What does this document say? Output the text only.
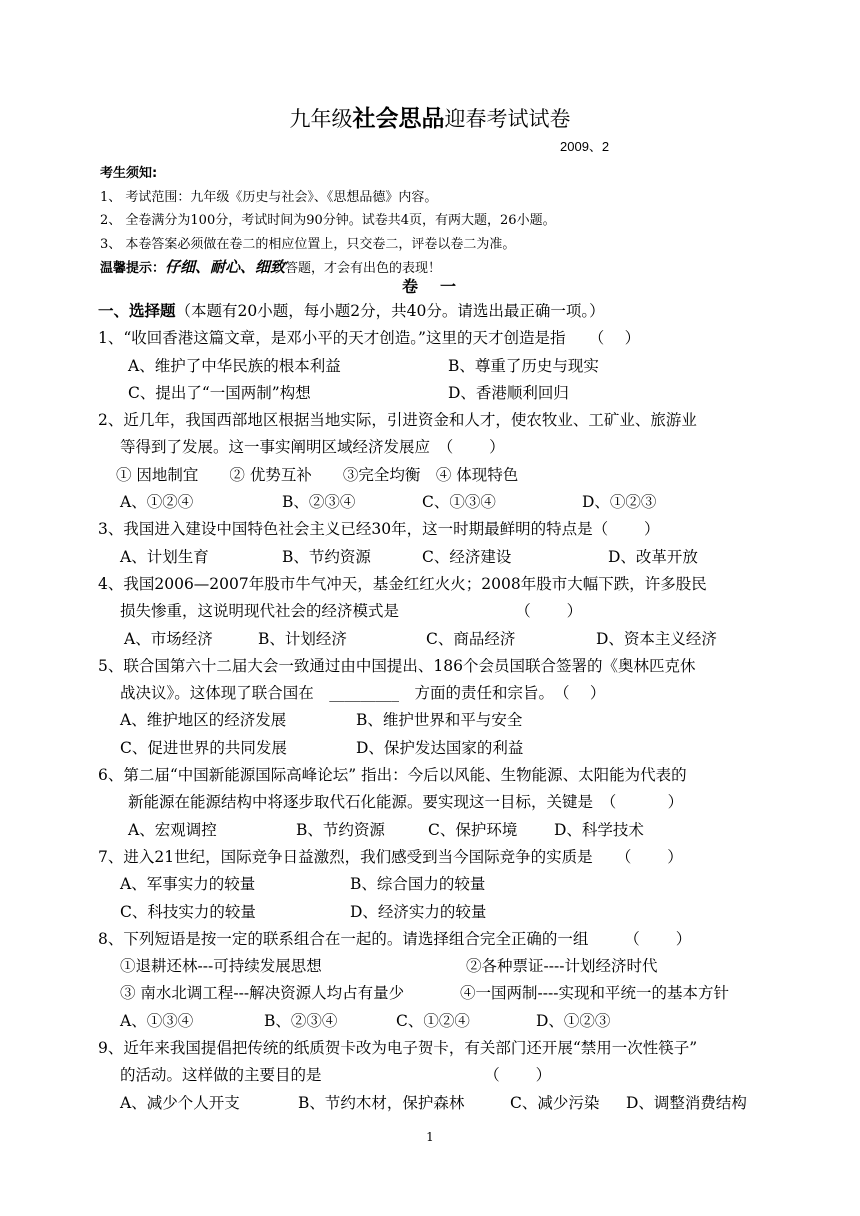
九年级社会思品迎春考试试卷
2009、2
考生须知:
1、 考试范围：九年级《历史与社会》、《思想品德》内容。
2、 全卷满分为100分，考试时间为90分钟。试卷共4页，有两大题，26小题。
3、 本卷答案必须做在卷二的相应位置上，只交卷二，评卷以卷二为准。
温馨提示：仔细、耐心、细致答题，才会有出色的表现！
卷一
一、选择题（本题有20小题，每小题2分，共40分。请选出最正确一项。）
1、“收回香港这篇文章，是邓小平的天才创造。”这里的天才创造是指　　（　 ）
A、维护了中华民族的根本利益	B、尊重了历史与现实
C、提出了“一国两制”构想	D、香港顺利回归
2、近几年，我国西部地区根据当地实际，引进资金和人才，使农牧业、工矿业、旅游业
等得到了发展。这一事实阐明区域经济发展应　（　　 ）
① 因地制宜　　② 优势互补　　③完全均衡　④ 体现特色
A、①②④	B、②③④	C、①③④	D、①②③
3、我国进入建设中国特色社会主义已经30年，这一时期最鲜明的特点是（　　 ）
A、计划生育	B、节约资源	C、经济建设	D、改革开放
4、我国2006—2007年股市牛气冲天，基金红红火火；2008年股市大幅下跌，许多股民
损失惨重，这说明现代社会的经济模式是　　　　　　　　（　　 ）
A、市场经济	B、计划经济	C、商品经济	D、资本主义经济
5、联合国第六十二届大会一致通过由中国提出、186个会员国联合签署的《奥林匹克休
战决议》。这体现了联合国在　_________　方面的责任和宗旨。　（　 ）
A、维护地区的经济发展	B、维护世界和平与安全
C、促进世界的共同发展	D、保护发达国家的利益
6、第二届“中国新能源国际高峰论坛” 指出：今后以风能、生物能源、太阳能为代表的
新能源在能源结构中将逐步取代石化能源。要实现这一目标，关键是　（　　　 ）
A、宏观调控	B、节约资源	C、保护环境 D、科学技术
7、进入21世纪，国际竞争日益激烈，我们感受到当今国际竞争的实质是　　（　　 ）
A、军事实力的较量	B、综合国力的较量
C、科技实力的较量	D、经济实力的较量
8、下列短语是按一定的联系组合在一起的。请选择组合完全正确的一组　　 （　　 ）
①退耕还林---可持续发展思想	②各种票证----计划经济时代
③ 南水北调工程---解决资源人均占有量少	④一国两制----实现和平统一的基本方针
A、①③④	B、②③④	C、①②④	D、①②③
9、近年来我国提倡把传统的纸质贺卡改为电子贺卡，有关部门还开展“禁用一次性筷子”
的活动。这样做的主要目的是　　　　　　　　　　　（　　 ）
A、减少个人开支	B、节约木材，保护森林	C、减少污染 D、调整消费结构
1
